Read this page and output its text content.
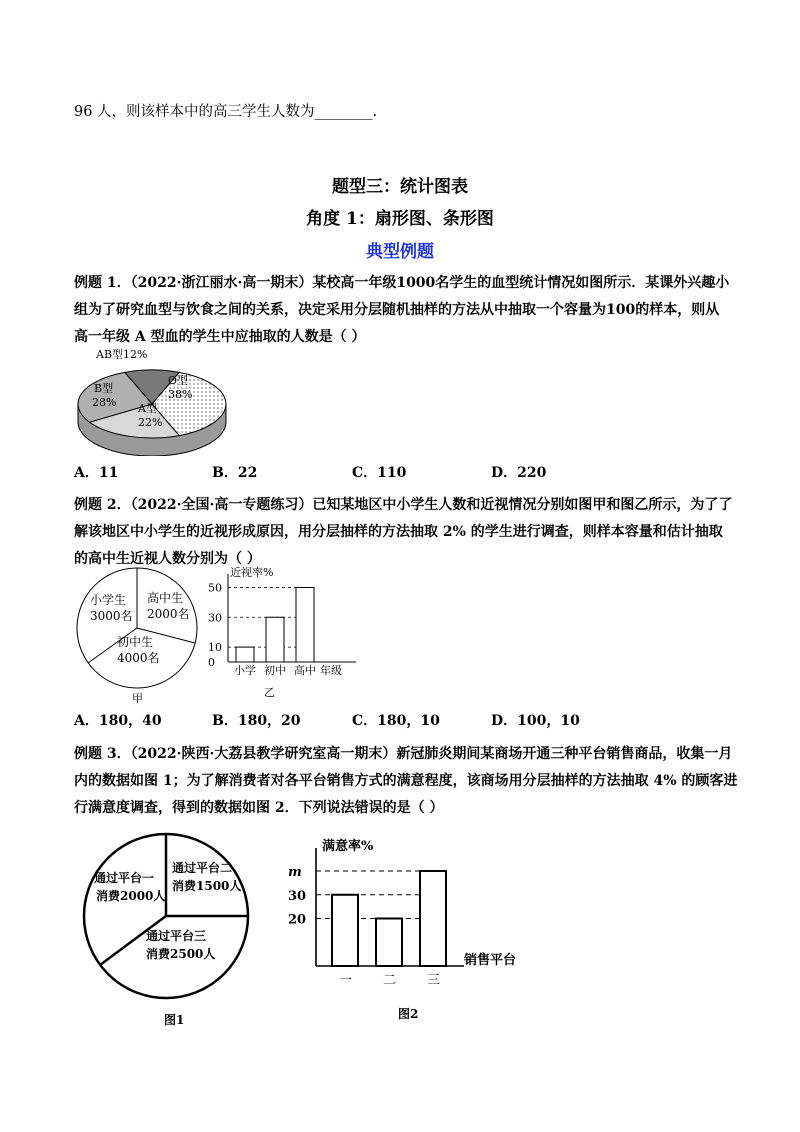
96 人，则该样本中的高三学生人数为________.
题型三：统计图表
角度 1：扇形图、条形图
典型例题
例题 1．（2022·浙江丽水·高一期末）某校高一年级1000名学生的血型统计情况如图所示．某课外兴趣小
组为了研究血型与饮食之间的关系，决定采用分层随机抽样的方法从中抽取一个容量为100的样本，则从
高一年级 A 型血的学生中应抽取的人数是（ ）
AB型12%
O型
38%
B型
28% A型
22%
A．11	B．22	C．110	D．220
例题 2．（2022·全国·高一专题练习）已知某地区中小学生人数和近视情况分别如图甲和图乙所示，为了了
解该地区中小学生的近视形成原因，用分层抽样的方法抽取 2% 的学生进行调查，则样本容量和估计抽取
的高中生近视人数分别为（ ）
小学生
3000名
高中生
2000名
初中生
4000名
甲
近视率%
0
10
30
50
小学 初中 高中 年级
乙
A．180，40	B．180，20	C．180，10	D．100，10
例题 3．（2022·陕西·大荔县教学研究室高一期末）新冠肺炎期间某商场开通三种平台销售商品，收集一月
内的数据如图 1；为了解消费者对各平台销售方式的满意程度，该商场用分层抽样的方法抽取 4% 的顾客进
行满意度调查，得到的数据如图 2．下列说法错误的是（ ）
通过平台一
消费2000人
通过平台二
消费1500人
通过平台三
消费2500人
图1
满意率%
20
30
m
一 二 三
销售平台
图2
